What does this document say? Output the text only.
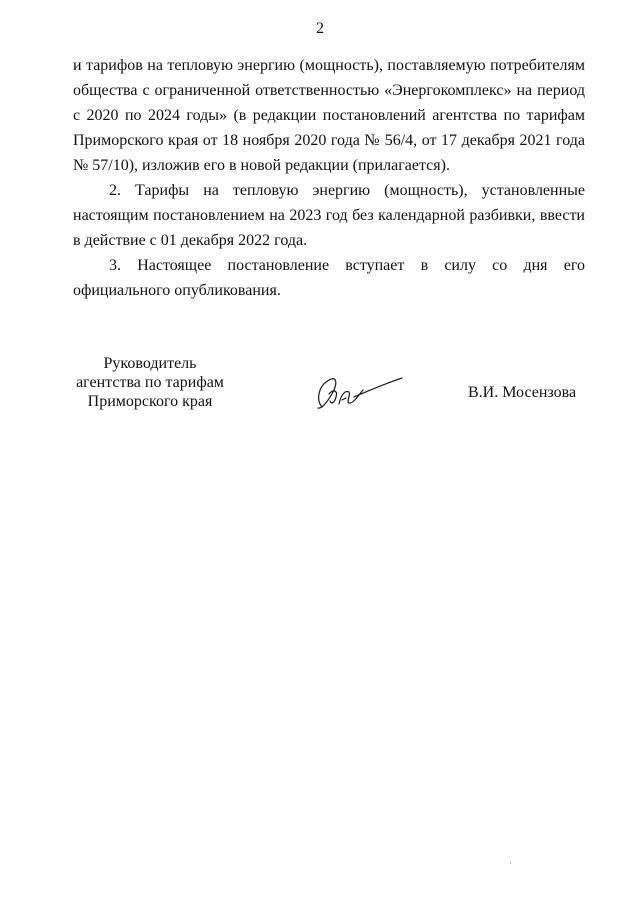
2

и тарифов на тепловую энергию (мощность), поставляемую потребителям общества с ограниченной ответственностью «Энергокомплекс» на период с 2020 по 2024 годы» (в редакции постановлений агентства по тарифам Приморского края от 18 ноября 2020 года № 56/4, от 17 декабря 2021 года № 57/10), изложив его в новой редакции (прилагается).

2. Тарифы на тепловую энергию (мощность), установленные настоящим постановлением на 2023 год без календарной разбивки, ввести в действие с 01 декабря 2022 года.

3. Настоящее постановление вступает в силу со дня его официального опубликования.

Руководитель
агентства по тарифам
Приморского края
В.И. Мосензова
